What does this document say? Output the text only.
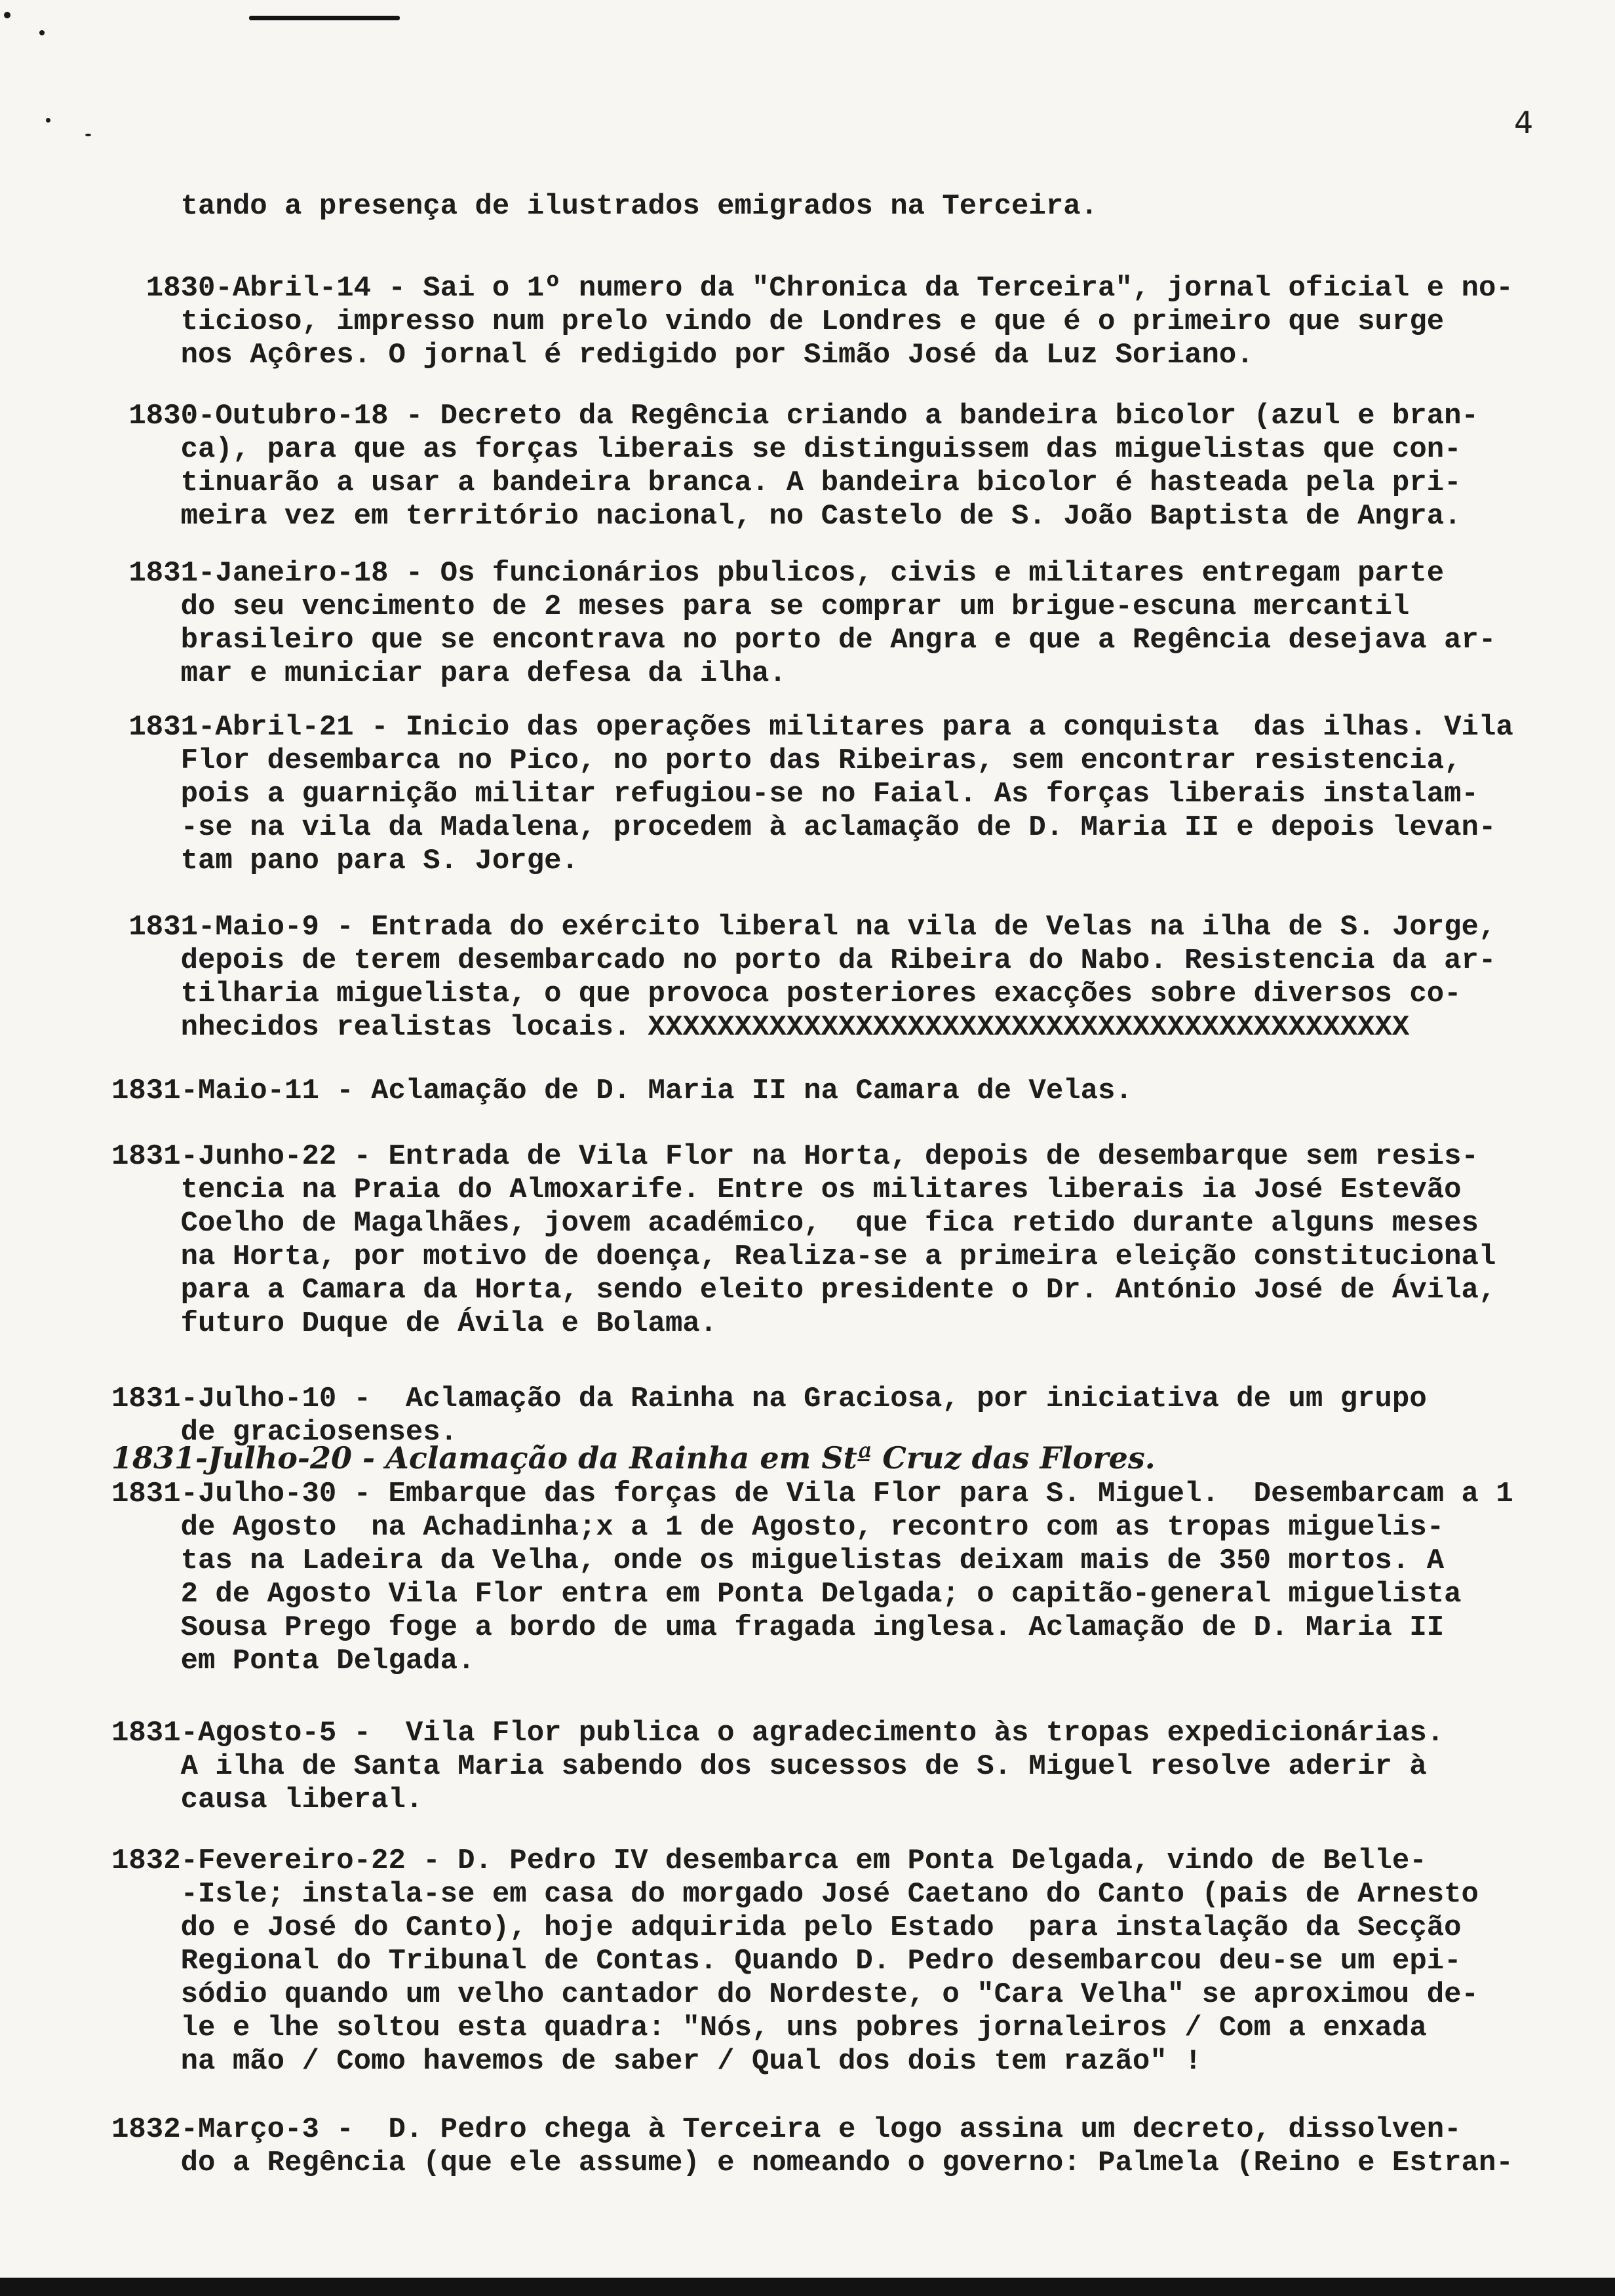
4

tando a presença de ilustrados emigrados na Terceira.

1830-Abril-14 - Sai o 1º numero da "Chronica da Terceira", jornal oficial e no-

ticioso, impresso num prelo vindo de Londres e que é o primeiro que surge

nos Açôres. O jornal é redigido por Simão José da Luz Soriano.

1830-Outubro-18 - Decreto da Regência criando a bandeira bicolor (azul e bran-

ca), para que as forças liberais se distinguissem das miguelistas que con-

tinuarão a usar a bandeira branca. A bandeira bicolor é hasteada pela pri-

meira vez em território nacional, no Castelo de S. João Baptista de Angra.

1831-Janeiro-18 - Os funcionários pbulicos, civis e militares entregam parte

do seu vencimento de 2 meses para se comprar um brigue-escuna mercantil

brasileiro que se encontrava no porto de Angra e que a Regência desejava ar-

mar e municiar para defesa da ilha.

1831-Abril-21 - Inicio das operações militares para a conquista  das ilhas. Vila

Flor desembarca no Pico, no porto das Ribeiras, sem encontrar resistencia,

pois a guarnição militar refugiou-se no Faial. As forças liberais instalam-

-se na vila da Madalena, procedem à aclamação de D. Maria II e depois levan-

tam pano para S. Jorge.

1831-Maio-9 - Entrada do exército liberal na vila de Velas na ilha de S. Jorge,

depois de terem desembarcado no porto da Ribeira do Nabo. Resistencia da ar-

tilharia miguelista, o que provoca posteriores exacções sobre diversos co-

nhecidos realistas locais. XXXXXXXXXXXXXXXXXXXXXXXXXXXXXXXXXXXXXXXXXXXX

1831-Maio-11 - Aclamação de D. Maria II na Camara de Velas.

1831-Junho-22 - Entrada de Vila Flor na Horta, depois de desembarque sem resis-

tencia na Praia do Almoxarife. Entre os militares liberais ia José Estevão

Coelho de Magalhães, jovem académico,  que fica retido durante alguns meses

na Horta, por motivo de doença, Realiza-se a primeira eleição constitucional

para a Camara da Horta, sendo eleito presidente o Dr. António José de Ávila,

futuro Duque de Ávila e Bolama.

1831-Julho-10 -  Aclamação da Rainha na Graciosa, por iniciativa de um grupo

de graciosenses.

1831-Julho-20 - Aclamação da Rainha em Stª Cruz das Flores.

1831-Julho-30 - Embarque das forças de Vila Flor para S. Miguel.  Desembarcam a 1

de Agosto  na Achadinha;x a 1 de Agosto, recontro com as tropas miguelis-

tas na Ladeira da Velha, onde os miguelistas deixam mais de 350 mortos. A

2 de Agosto Vila Flor entra em Ponta Delgada; o capitão-general miguelista

Sousa Prego foge a bordo de uma fragada inglesa. Aclamação de D. Maria II

em Ponta Delgada.

1831-Agosto-5 -  Vila Flor publica o agradecimento às tropas expedicionárias.

A ilha de Santa Maria sabendo dos sucessos de S. Miguel resolve aderir à

causa liberal.

1832-Fevereiro-22 - D. Pedro IV desembarca em Ponta Delgada, vindo de Belle-

-Isle; instala-se em casa do morgado José Caetano do Canto (pais de Arnesto

do e José do Canto), hoje adquirida pelo Estado  para instalação da Secção

Regional do Tribunal de Contas. Quando D. Pedro desembarcou deu-se um epi-

sódio quando um velho cantador do Nordeste, o "Cara Velha" se aproximou de-

le e lhe soltou esta quadra: "Nós, uns pobres jornaleiros / Com a enxada

na mão / Como havemos de saber / Qual dos dois tem razão" !

1832-Março-3 -  D. Pedro chega à Terceira e logo assina um decreto, dissolven-

do a Regência (que ele assume) e nomeando o governo: Palmela (Reino e Estran-
